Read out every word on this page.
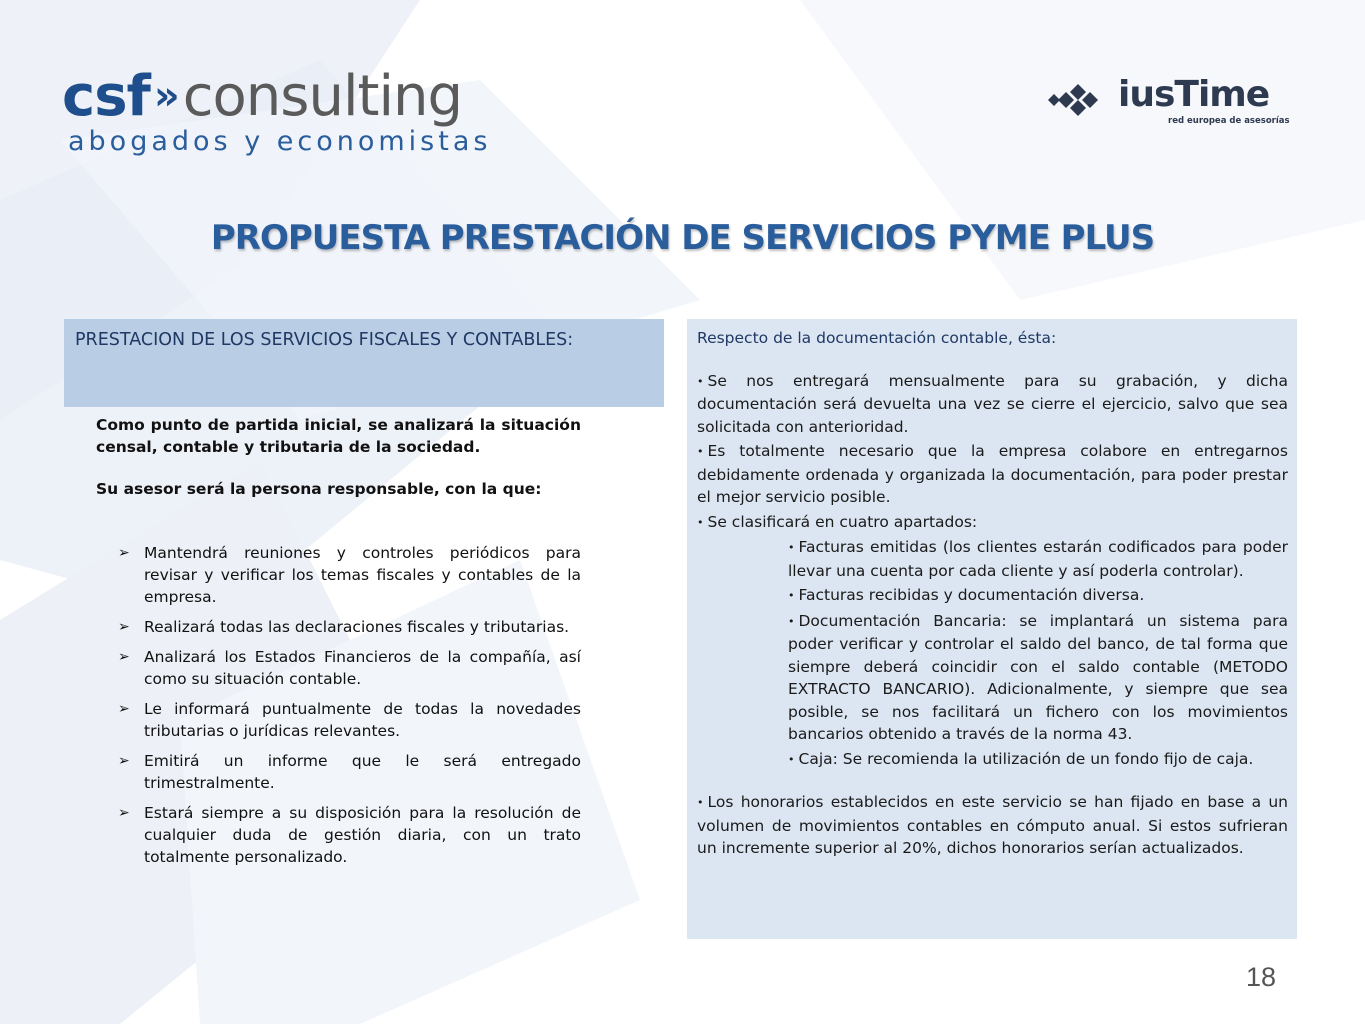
csf »consulting
abogados y economistas
iusTime
red europea de asesorías
PROPUESTA PRESTACIÓN DE SERVICIOS PYME PLUS
PRESTACION DE LOS SERVICIOS FISCALES Y CONTABLES:

Como punto de partida inicial, se analizará la situación censal, contable y tributaria de la sociedad.

Su asesor será la persona responsable, con la que:

➢ Mantendrá reuniones y controles periódicos para revisar y verificar los temas fiscales y contables de la empresa.
➢ Realizará todas las declaraciones fiscales y tributarias.
➢ Analizará los Estados Financieros de la compañía, así como su situación contable.
➢ Le informará puntualmente de todas la novedades tributarias o jurídicas relevantes.
➢ Emitirá un informe que le será entregado trimestralmente.
➢ Estará siempre a su disposición para la resolución de cualquier duda de gestión diaria, con un trato totalmente personalizado.

Respecto de la documentación contable, ésta:

• Se nos entregará mensualmente para su grabación, y dicha documentación será devuelta una vez se cierre el ejercicio, salvo que sea solicitada con anterioridad.

• Es totalmente necesario que la empresa colabore en entregarnos debidamente ordenada y organizada la documentación, para poder prestar el mejor servicio posible.

• Se clasificará en cuatro apartados:

• Facturas emitidas (los clientes estarán codificados para poder llevar una cuenta por cada cliente y así poderla controlar).

• Facturas recibidas y documentación diversa.

• Documentación Bancaria: se implantará un sistema para poder verificar y controlar el saldo del banco, de tal forma que siempre deberá coincidir con el saldo contable (METODO EXTRACTO BANCARIO). Adicionalmente, y siempre que sea posible, se nos facilitará un fichero con los movimientos bancarios obtenido a través de la norma 43.

• Caja: Se recomienda la utilización de un fondo fijo de caja.

• Los honorarios establecidos en este servicio se han fijado en base a un volumen de movimientos contables en cómputo anual. Si estos sufrieran un incremente superior al 20%, dichos honorarios serían actualizados.

18
